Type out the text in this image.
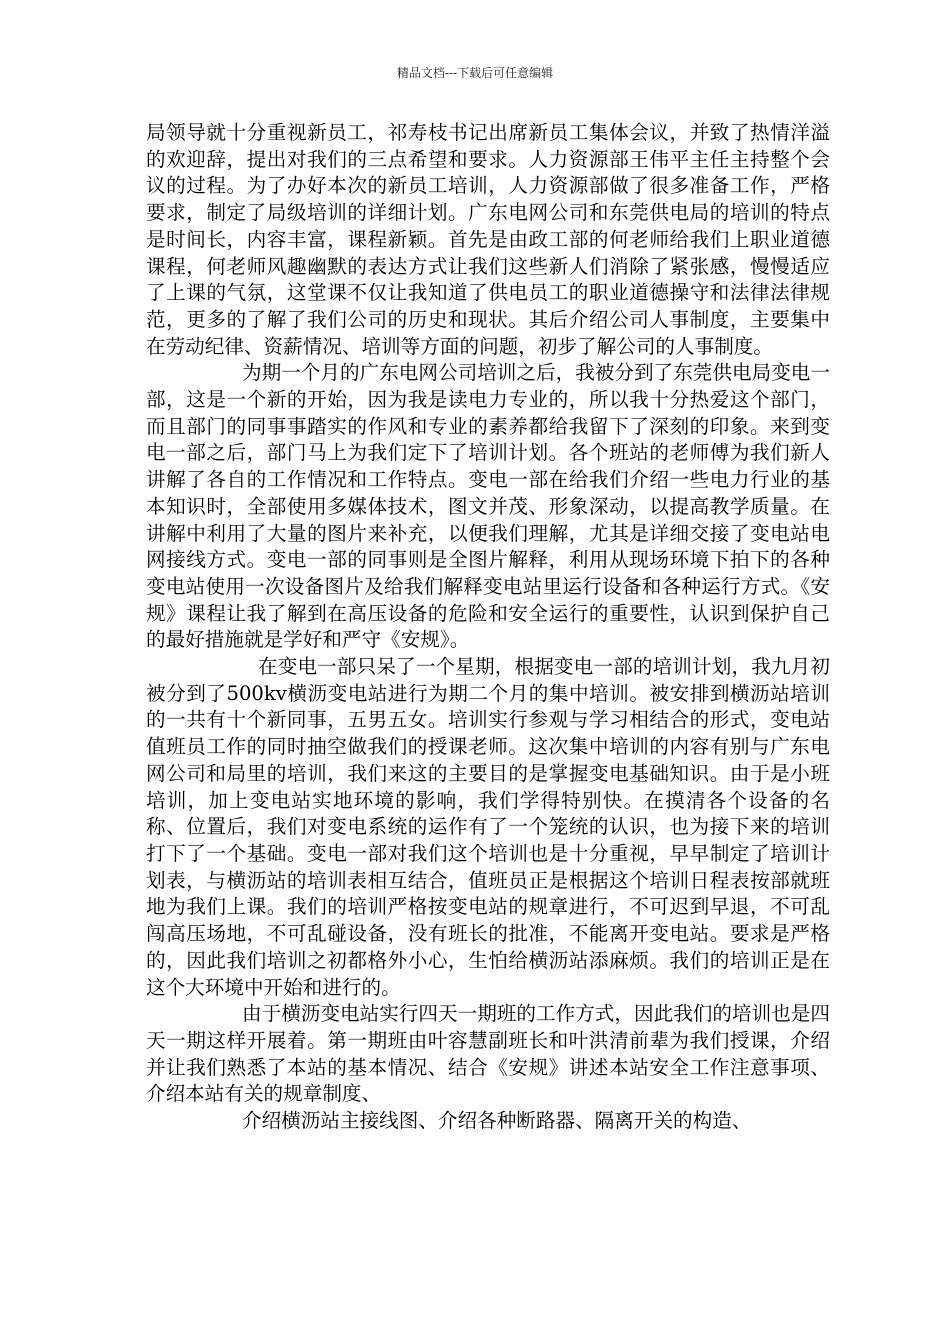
精品文档---下载后可任意编辑

局领导就十分重视新员工，祁寿枝书记出席新员工集体会议，并致了热情洋溢的欢迎辞，提出对我们的三点希望和要求。人力资源部王伟平主任主持整个会议的过程。为了办好本次的新员工培训，人力资源部做了很多准备工作，严格要求，制定了局级培训的详细计划。广东电网公司和东莞供电局的培训的特点是时间长，内容丰富，课程新颖。首先是由政工部的何老师给我们上职业道德课程，何老师风趣幽默的表达方式让我们这些新人们消除了紧张感，慢慢适应了上课的气氛，这堂课不仅让我知道了供电员工的职业道德操守和法律法律规范，更多的了解了我们公司的历史和现状。其后介绍公司人事制度，主要集中在劳动纪律、资薪情况、培训等方面的问题，初步了解公司的人事制度。

为期一个月的广东电网公司培训之后，我被分到了东莞供电局变电一部，这是一个新的开始，因为我是读电力专业的，所以我十分热爱这个部门，而且部门的同事事踏实的作风和专业的素养都给我留下了深刻的印象。来到变电一部之后，部门马上为我们定下了培训计划。各个班站的老师傅为我们新人讲解了各自的工作情况和工作特点。变电一部在给我们介绍一些电力行业的基本知识时，全部使用多媒体技术，图文并茂、形象深动，以提高教学质量。在讲解中利用了大量的图片来补充，以便我们理解，尤其是详细交接了变电站电网接线方式。变电一部的同事则是全图片解释，利用从现场环境下拍下的各种变电站使用一次设备图片及给我们解释变电站里运行设备和各种运行方式。《安规》课程让我了解到在高压设备的危险和安全运行的重要性，认识到保护自己的最好措施就是学好和严守《安规》。

在变电一部只呆了一个星期，根据变电一部的培训计划，我九月初被分到了500kv横沥变电站进行为期二个月的集中培训。被安排到横沥站培训的一共有十个新同事，五男五女。培训实行参观与学习相结合的形式，变电站值班员工作的同时抽空做我们的授课老师。这次集中培训的内容有别与广东电网公司和局里的培训，我们来这的主要目的是掌握变电基础知识。由于是小班培训，加上变电站实地环境的影响，我们学得特别快。在摸清各个设备的名称、位置后，我们对变电系统的运作有了一个笼统的认识，也为接下来的培训打下了一个基础。变电一部对我们这个培训也是十分重视，早早制定了培训计划表，与横沥站的培训表相互结合，值班员正是根据这个培训日程表按部就班地为我们上课。我们的培训严格按变电站的规章进行，不可迟到早退，不可乱闯高压场地，不可乱碰设备，没有班长的批准，不能离开变电站。要求是严格的，因此我们培训之初都格外小心，生怕给横沥站添麻烦。我们的培训正是在这个大环境中开始和进行的。

由于横沥变电站实行四天一期班的工作方式，因此我们的培训也是四天一期这样开展着。第一期班由叶容慧副班长和叶洪清前辈为我们授课，介绍并让我们熟悉了本站的基本情况、结合《安规》讲述本站安全工作注意事项、介绍本站有关的规章制度、

介绍横沥站主接线图、介绍各种断路器、隔离开关的构造、
